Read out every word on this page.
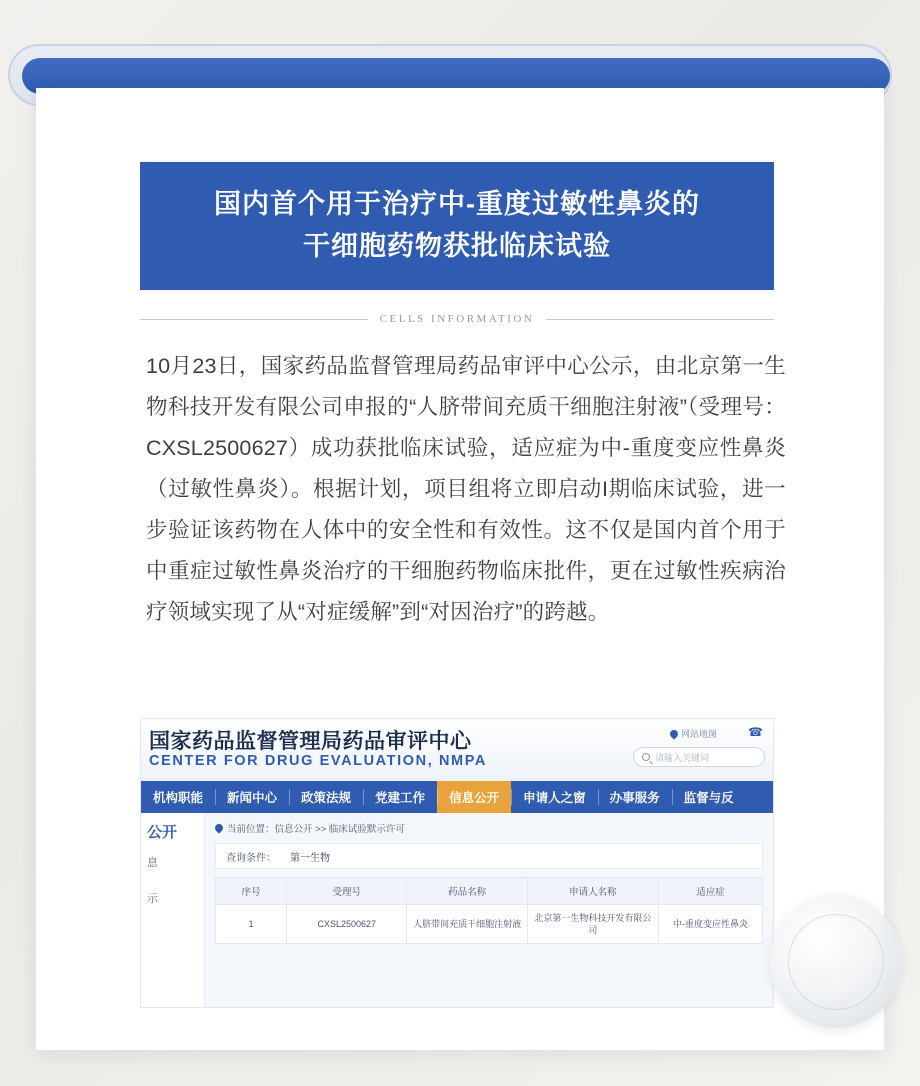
国内首个用于治疗中-重度过敏性鼻炎的
干细胞药物获批临床试验
CELLS INFORMATION
10月23日，国家药品监督管理局药品审评中心公示，由北京第一生物科技开发有限公司申报的“人脐带间充质干细胞注射液”（受理号：CXSL2500627）成功获批临床试验，适应症为中-重度变应性鼻炎（过敏性鼻炎）。根据计划，项目组将立即启动I期临床试验，进一步验证该药物在人体中的安全性和有效性。这不仅是国内首个用于中重症过敏性鼻炎治疗的干细胞药物临床批件，更在过敏性疾病治疗领域实现了从“对症缓解”到“对因治疗”的跨越。
国家药品监督管理局药品审评中心
CENTER FOR DRUG EVALUATION, NMPA
网站地图	☎
请输入关键词
机构职能	新闻中心	政策法规	党建工作	信息公开	申请人之窗	办事服务	监督与反
公开
息
示
当前位置：信息公开 >> 临床试验默示许可
查询条件： 第一生物
序号	受理号	药品名称	申请人名称	适应症
1	CXSL2500627	人脐带间充质干细胞注射液	北京第一生物科技开发有限公司	中-重度变应性鼻炎
